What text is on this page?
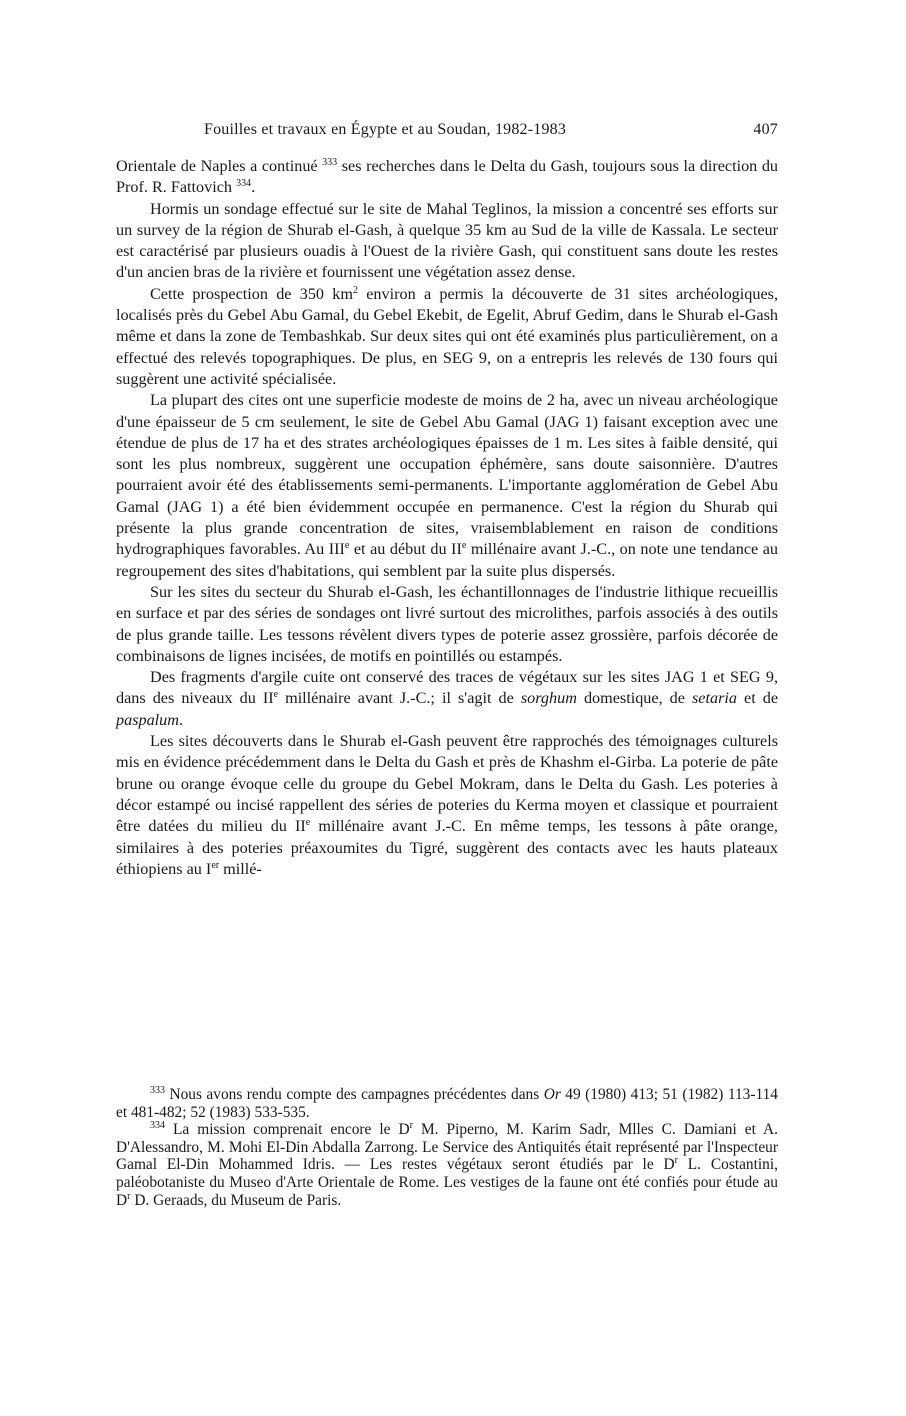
Fouilles et travaux en Égypte et au Soudan, 1982-1983	407

Orientale de Naples a continué $^{333}$ ses recherches dans le Delta du Gash, toujours sous la direction du Prof. R. Fattovich $^{334}$.

Hormis un sondage effectué sur le site de Mahal Teglinos, la mission a concentré ses efforts sur un survey de la région de Shurab el-Gash, à quelque 35 km au Sud de la ville de Kassala. Le secteur est caractérisé par plusieurs ouadis à l'Ouest de la rivière Gash, qui constituent sans doute les restes d'un ancien bras de la rivière et fournissent une végétation assez dense.

Cette prospection de 350 $km^2$ environ a permis la découverte de 31 sites archéologiques, localisés près du Gebel Abu Gamal, du Gebel Ekebit, de Egelit, Abruf Gedim, dans le Shurab el-Gash même et dans la zone de Tembashkab. Sur deux sites qui ont été examinés plus particulièrement, on a effectué des relevés topographiques. De plus, en SEG 9, on a entrepris les relevés de 130 fours qui suggèrent une activité spécialisée.

La plupart des cites ont une superficie modeste de moins de 2 ha, avec un niveau archéologique d'une épaisseur de 5 cm seulement, le site de Gebel Abu Gamal (JAG 1) faisant exception avec une étendue de plus de 17 ha et des strates archéologiques épaisses de 1 m. Les sites à faible densité, qui sont les plus nombreux, suggèrent une occupation éphémère, sans doute saisonnière. D'autres pourraient avoir été des établissements semi-permanents. L'importante agglomération de Gebel Abu Gamal (JAG 1) a été bien évidemment occupée en permanence. C'est la région du Shurab qui présente la plus grande concentration de sites, vraisemblablement en raison de conditions hydrographiques favorables. Au IIIe et au début du IIe millénaire avant J.-C., on note une tendance au regroupement des sites d'habitations, qui semblent par la suite plus dispersés.

Sur les sites du secteur du Shurab el-Gash, les échantillonnages de l'industrie lithique recueillis en surface et par des séries de sondages ont livré surtout des microlithes, parfois associés à des outils de plus grande taille. Les tessons révèlent divers types de poterie assez grossière, parfois décorée de combinaisons de lignes incisées, de motifs en pointillés ou estampés.

Des fragments d'argile cuite ont conservé des traces de végétaux sur les sites JAG 1 et SEG 9, dans des niveaux du IIe millénaire avant J.-C.; il s'agit de sorghum domestique, de setaria et de paspalum.

Les sites découverts dans le Shurab el-Gash peuvent être rapprochés des témoignages culturels mis en évidence précédemment dans le Delta du Gash et près de Khashm el-Girba. La poterie de pâte brune ou orange évoque celle du groupe du Gebel Mokram, dans le Delta du Gash. Les poteries à décor estampé ou incisé rappellent des séries de poteries du Kerma moyen et classique et pourraient être datées du milieu du IIe millénaire avant J.-C. En même temps, les tessons à pâte orange, similaires à des poteries préaxoumites du Tigré, suggèrent des contacts avec les hauts plateaux éthiopiens au Ier millé-

$^{333}$ Nous avons rendu compte des campagnes précédentes dans Or 49 (1980) 413; 51 (1982) 113-114 et 481-482; 52 (1983) 533-535.

$^{334}$ La mission comprenait encore le $D^r$ M. Piperno, M. Karim Sadr, Mlles C. Damiani et A. D'Alessandro, M. Mohi El-Din Abdalla Zarrong. Le Service des Antiquités était représenté par l'Inspecteur Gamal El-Din Mohammed Idris. — Les restes végétaux seront étudiés par le $D^r$ L. Costantini, paléobotaniste du Museo d'Arte Orientale de Rome. Les vestiges de la faune ont été confiés pour étude au $D^r$ D. Geraads, du Museum de Paris.
